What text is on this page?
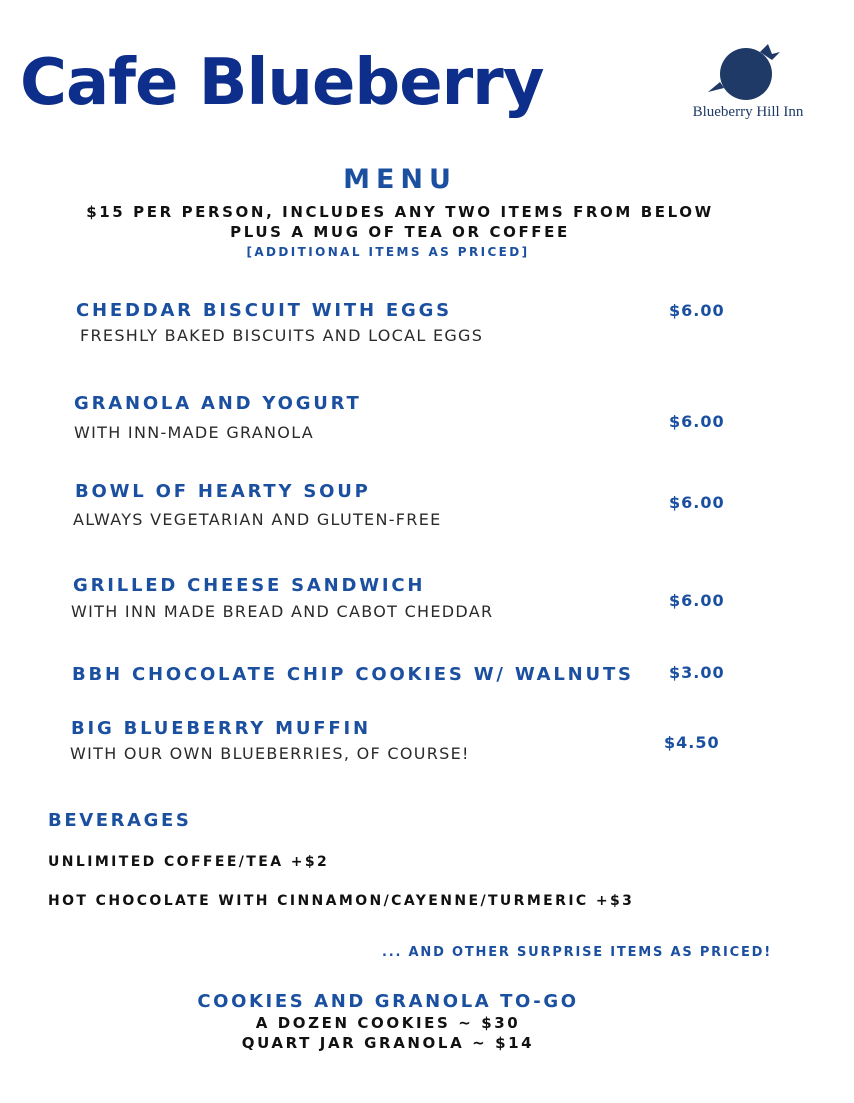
Cafe Blueberry	Blueberry Hill Inn
MENU
$15 PER PERSON, INCLUDES ANY TWO ITEMS FROM BELOW
PLUS A MUG OF TEA OR COFFEE
[ADDITIONAL ITEMS AS PRICED]
CHEDDAR BISCUIT WITH EGGS
FRESHLY BAKED BISCUITS AND LOCAL EGGS
$6.00
GRANOLA AND YOGURT
WITH INN-MADE GRANOLA
$6.00
BOWL OF HEARTY SOUP
ALWAYS VEGETARIAN AND GLUTEN-FREE
$6.00
GRILLED CHEESE SANDWICH
WITH INN MADE BREAD AND CABOT CHEDDAR
$6.00
BBH CHOCOLATE CHIP COOKIES W/ WALNUTS $3.00
BIG BLUEBERRY MUFFIN
WITH OUR OWN BLUEBERRIES, OF COURSE!
$4.50
BEVERAGES
UNLIMITED COFFEE/TEA +$2
HOT CHOCOLATE WITH CINNAMON/CAYENNE/TURMERIC +$3
... AND OTHER SURPRISE ITEMS AS PRICED!
COOKIES AND GRANOLA TO-GO
A DOZEN COOKIES ~ $30
QUART JAR GRANOLA ~ $14
